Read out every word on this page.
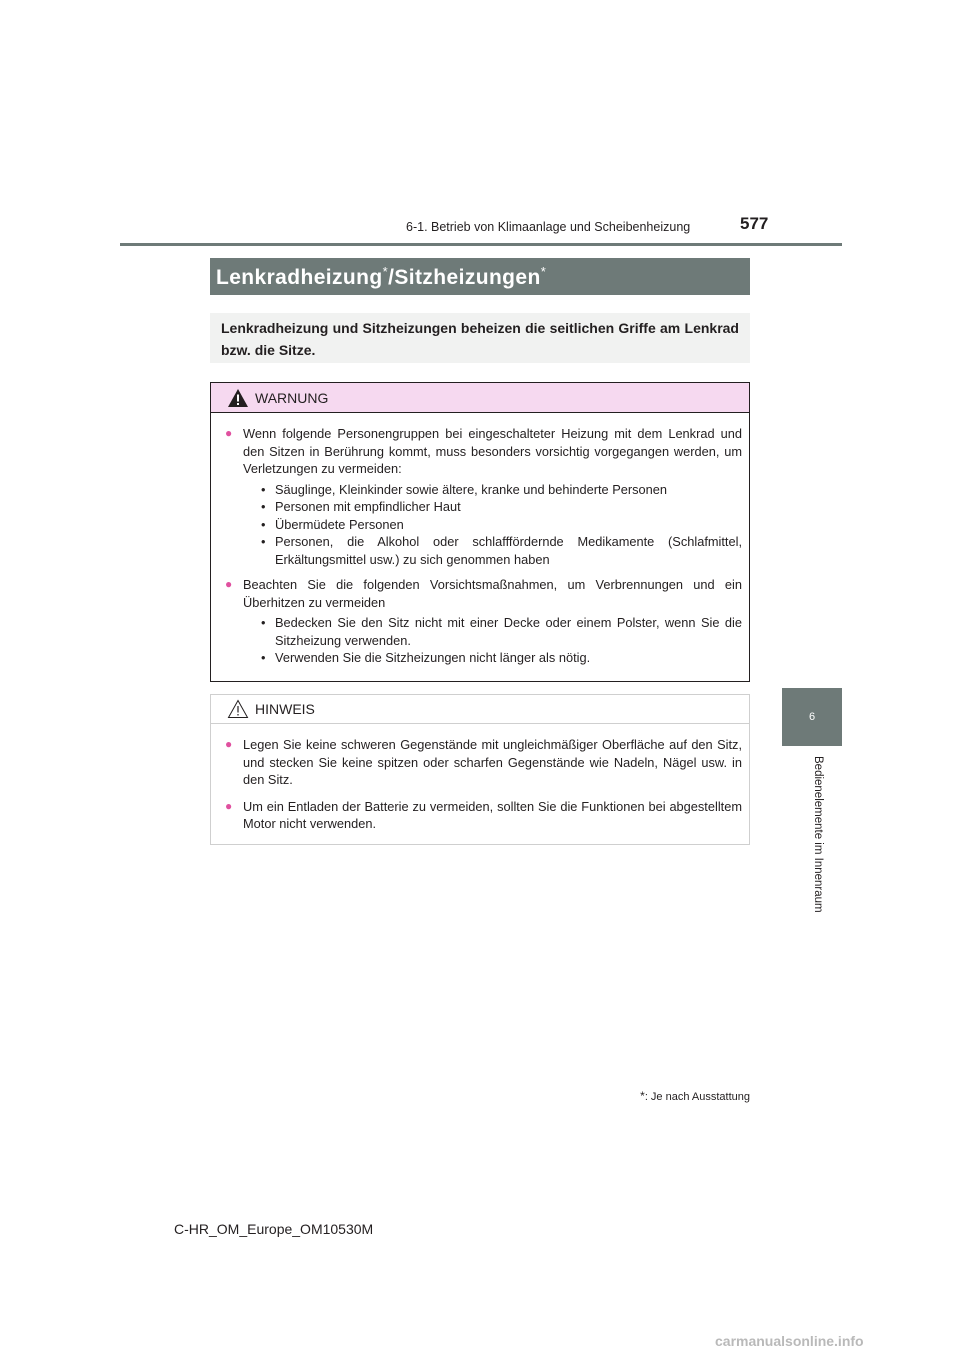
6-1. Betrieb von Klimaanlage und Scheibenheizung	577
6
Bedienelemente im Innenraum
Lenkradheizung*/Sitzheizungen*
Lenkradheizung und Sitzheizungen beheizen die seitlichen Griffe am Lenkrad bzw. die Sitze.
WARNUNG
● Wenn folgende Personengruppen bei eingeschalteter Heizung mit dem Lenkrad und den Sitzen in Berührung kommt, muss besonders vorsichtig vorgegangen werden, um Verletzungen zu vermeiden:
• Säuglinge, Kleinkinder sowie ältere, kranke und behinderte Personen
• Personen mit empfindlicher Haut
• Übermüdete Personen
• Personen, die Alkohol oder schlafffördernde Medikamente (Schlafmittel, Erkältungsmittel usw.) zu sich genommen haben
● Beachten Sie die folgenden Vorsichtsmaßnahmen, um Verbrennungen und ein Überhitzen zu vermeiden
• Bedecken Sie den Sitz nicht mit einer Decke oder einem Polster, wenn Sie die Sitzheizung verwenden.
• Verwenden Sie die Sitzheizungen nicht länger als nötig.
HINWEIS
● Legen Sie keine schweren Gegenstände mit ungleichmäßiger Oberfläche auf den Sitz, und stecken Sie keine spitzen oder scharfen Gegenstände wie Nadeln, Nägel usw. in den Sitz.
● Um ein Entladen der Batterie zu vermeiden, sollten Sie die Funktionen bei abgestelltem Motor nicht verwenden.
*: Je nach Ausstattung
C-HR_OM_Europe_OM10530M
carmanualsonline.info
